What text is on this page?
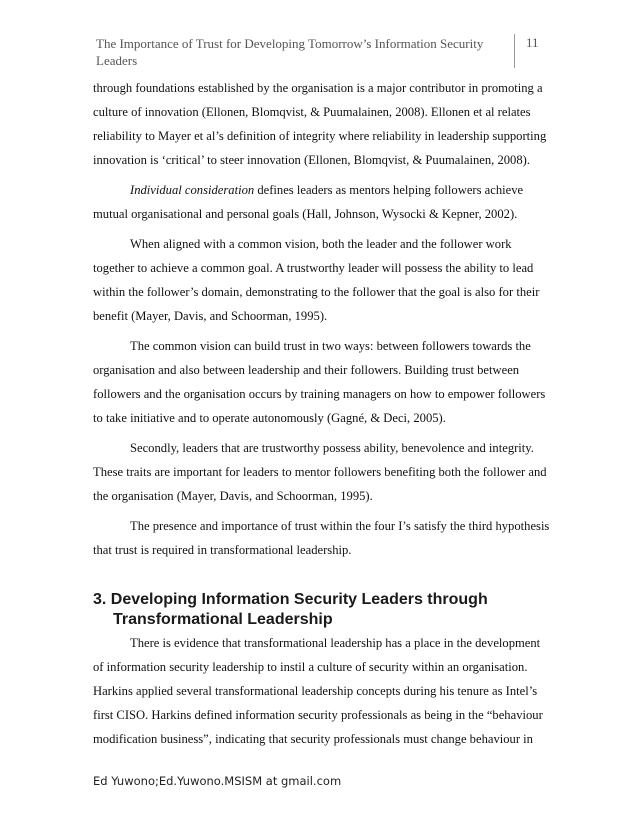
The Importance of Trust for Developing Tomorrow’s Information Security Leaders
11

through foundations established by the organisation is a major contributor in promoting a culture of innovation (Ellonen, Blomqvist, & Puumalainen, 2008). Ellonen et al relates reliability to Mayer et al’s definition of integrity where reliability in leadership supporting innovation is ‘critical’ to steer innovation (Ellonen, Blomqvist, & Puumalainen, 2008).

Individual consideration defines leaders as mentors helping followers achieve mutual organisational and personal goals (Hall, Johnson, Wysocki & Kepner, 2002).

When aligned with a common vision, both the leader and the follower work together to achieve a common goal. A trustworthy leader will possess the ability to lead within the follower’s domain, demonstrating to the follower that the goal is also for their benefit (Mayer, Davis, and Schoorman, 1995).

The common vision can build trust in two ways: between followers towards the organisation and also between leadership and their followers. Building trust between followers and the organisation occurs by training managers on how to empower followers to take initiative and to operate autonomously (Gagné, & Deci, 2005).

Secondly, leaders that are trustworthy possess ability, benevolence and integrity. These traits are important for leaders to mentor followers benefiting both the follower and the organisation (Mayer, Davis, and Schoorman, 1995).

The presence and importance of trust within the four I’s satisfy the third hypothesis that trust is required in transformational leadership.

3. Developing Information Security Leaders through Transformational Leadership

There is evidence that transformational leadership has a place in the development of information security leadership to instil a culture of security within an organisation. Harkins applied several transformational leadership concepts during his tenure as Intel’s first CISO. Harkins defined information security professionals as being in the “behaviour modification business”, indicating that security professionals must change behaviour in

Ed Yuwono;Ed.Yuwono.MSISM at gmail.com
